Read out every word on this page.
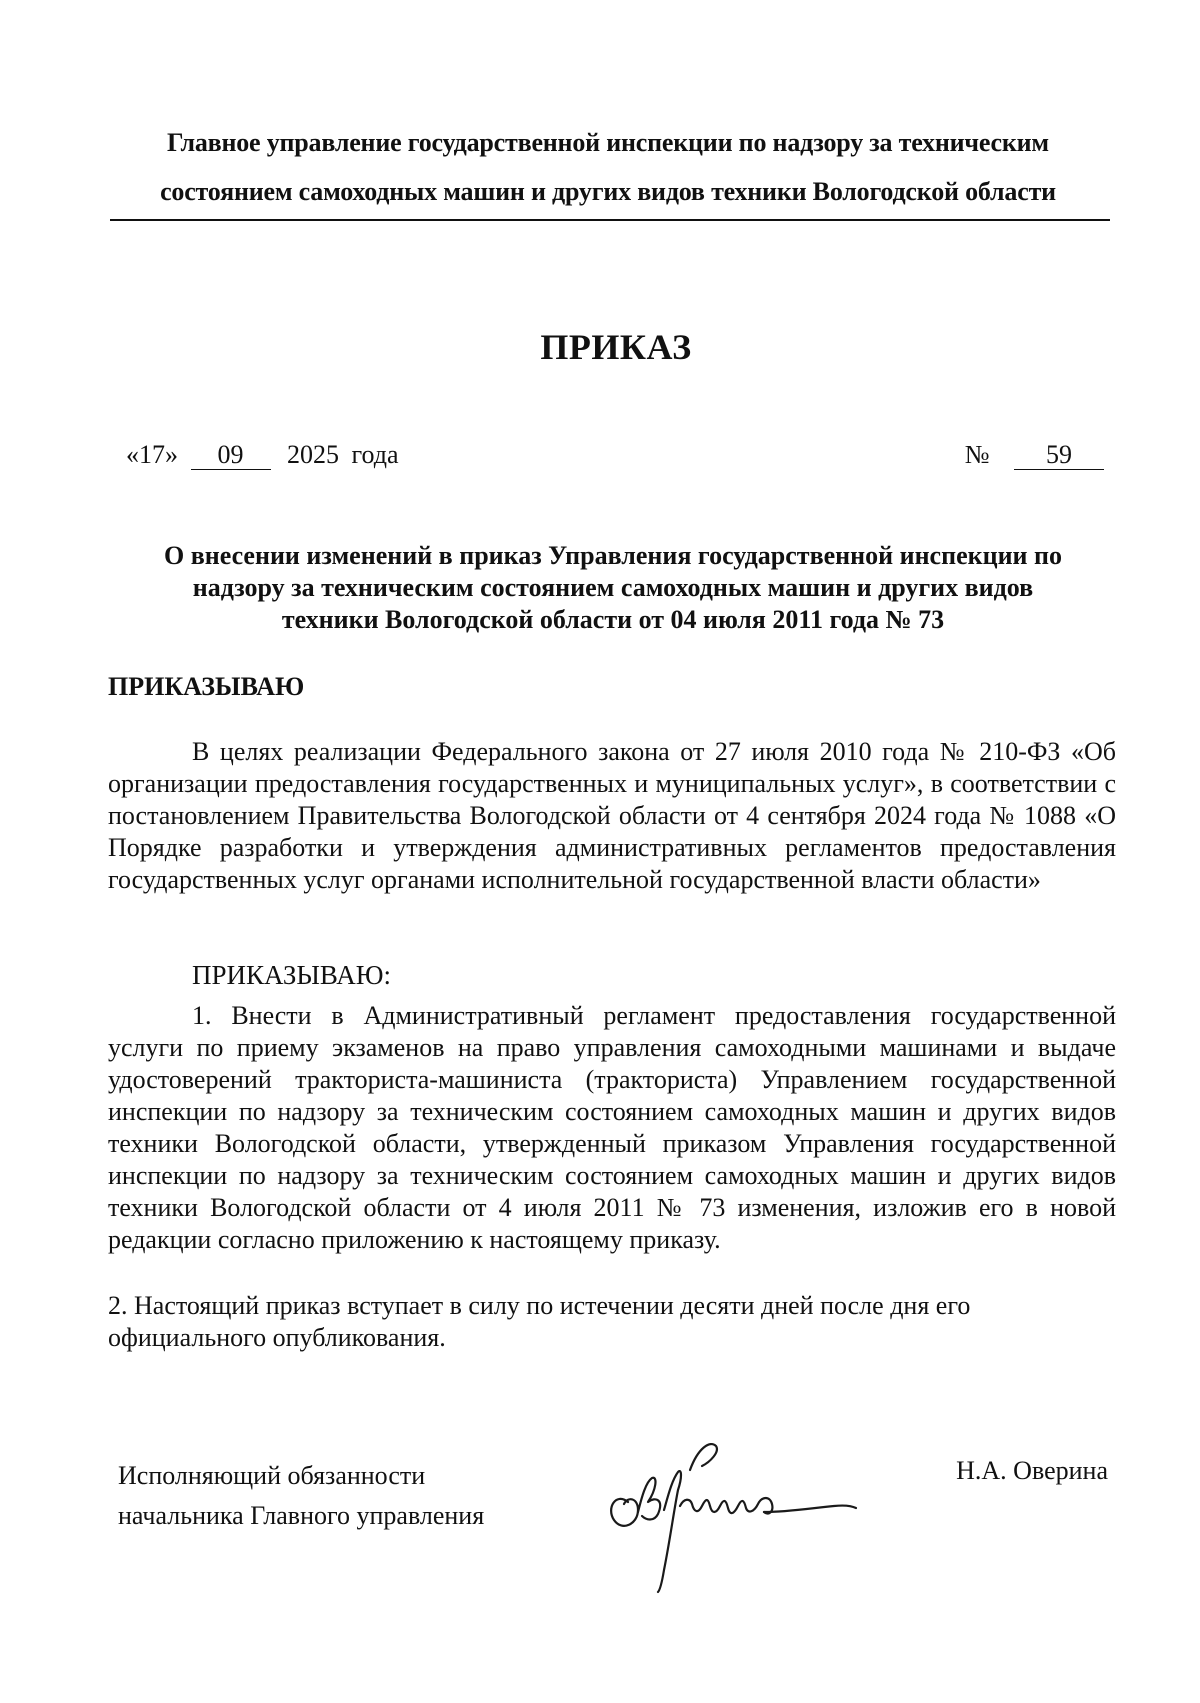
Главное управление государственной инспекции по надзору за техническим
состоянием самоходных машин и других видов техники Вологодской области
ПРИКАЗ
«17» 09 2025 года	№ 59
О внесении изменений в приказ Управления государственной инспекции по
надзору за техническим состоянием самоходных машин и других видов
техники Вологодской области от 04 июля 2011 года № 73
ПРИКАЗЫВАЮ
В целях реализации Федерального закона от 27 июля 2010 года № 210-ФЗ «Об организации предоставления государственных и муниципальных услуг», в соответствии с постановлением Правительства Вологодской области от 4 сентября 2024 года № 1088 «О Порядке разработки и утверждения административных регламентов предоставления государственных услуг органами исполнительной государственной власти области»
ПРИКАЗЫВАЮ:
1. Внести в Административный регламент предоставления государственной услуги по приему экзаменов на право управления самоходными машинами и выдаче удостоверений тракториста-машиниста (тракториста) Управлением государственной инспекции по надзору за техническим состоянием самоходных машин и других видов техники Вологодской области, утвержденный приказом Управления государственной инспекции по надзору за техническим состоянием самоходных машин и других видов техники Вологодской области от 4 июля 2011 № 73 изменения, изложив его в новой редакции согласно приложению к настоящему приказу.
2. Настоящий приказ вступает в силу по истечении десяти дней после дня его
официального опубликования.
Исполняющий обязанности
начальника Главного управления
Н.А. Оверина
